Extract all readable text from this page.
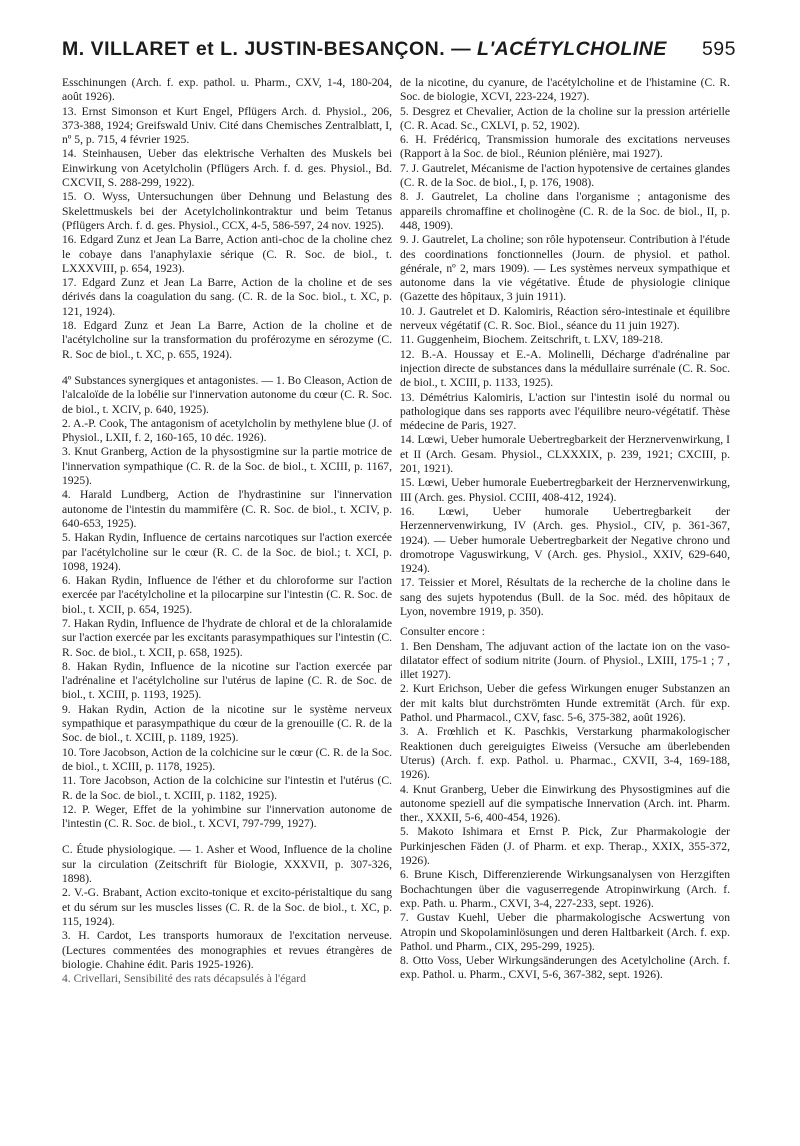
M. VILLARET et L. JUSTIN-BESANÇON. — L'ACÉTYLCHOLINE 595

Esschinungen (Arch. f. exp. pathol. u. Pharm., CXV, 1-4, 180-204, août 1926).

13. Ernst Simonson et Kurt Engel, Pflügers Arch. d. Physiol., 206, 373-388, 1924; Greifswald Univ. Cité dans Chemisches Zentralblatt, I, nº 5, p. 715, 4 février 1925.

14. Steinhausen, Ueber das elektrische Verhalten des Muskels bei Einwirkung von Acetylcholin (Pflügers Arch. f. d. ges. Physiol., Bd. CXCVII, S. 288-299, 1922).

15. O. Wyss, Untersuchungen über Dehnung und Belastung des Skelettmuskels bei der Acetylcholinkontraktur und beim Tetanus (Pflügers Arch. f. d. ges. Physiol., CCX, 4-5, 586-597, 24 nov. 1925).

16. Edgard Zunz et Jean La Barre, Action anti-choc de la choline chez le cobaye dans l'anaphylaxie sérique (C. R. Soc. de biol., t. LXXXVIII, p. 654, 1923).

17. Edgard Zunz et Jean La Barre, Action de la choline et de ses dérivés dans la coagulation du sang. (C. R. de la Soc. biol., t. XC, p. 121, 1924).

18. Edgard Zunz et Jean La Barre, Action de la choline et de l'acétylcholine sur la transformation du proférozyme en sérozyme (C. R. Soc de biol., t. XC, p. 655, 1924).

4º Substances synergiques et antagonistes. — 1. Bo Cleason, Action de l'alcaloïde de la lobélie sur l'innervation autonome du cœur (C. R. Soc. de biol., t. XCIV, p. 640, 1925).

2. A.-P. Cook, The antagonism of acetylcholin by methylene blue (J. of Physiol., LXII, f. 2, 160-165, 10 déc. 1926).

3. Knut Granberg, Action de la physostigmine sur la partie motrice de l'innervation sympathique (C. R. de la Soc. de biol., t. XCIII, p. 1167, 1925).

4. Harald Lundberg, Action de l'hydrastinine sur l'innervation autonome de l'intestin du mammifère (C. R. Soc. de biol., t. XCIV, p. 640-653, 1925).

5. Hakan Rydin, Influence de certains narcotiques sur l'action exercée par l'acétylcholine sur le cœur (R. C. de la Soc. de biol.; t. XCI, p. 1098, 1924).

6. Hakan Rydin, Influence de l'éther et du chloroforme sur l'action exercée par l'acétylcholine et la pilocarpine sur l'intestin (C. R. Soc. de biol., t. XCII, p. 654, 1925).

7. Hakan Rydin, Influence de l'hydrate de chloral et de la chloralamide sur l'action exercée par les excitants parasympathiques sur l'intestin (C. R. Soc. de biol., t. XCII, p. 658, 1925).

8. Hakan Rydin, Influence de la nicotine sur l'action exercée par l'adrénaline et l'acétylcholine sur l'utérus de lapine (C. R. de Soc. de biol., t. XCIII, p. 1193, 1925).

9. Hakan Rydin, Action de la nicotine sur le système nerveux sympathique et parasympathique du cœur de la grenouille (C. R. de la Soc. de biol., t. XCIII, p. 1189, 1925).

10. Tore Jacobson, Action de la colchicine sur le cœur (C. R. de la Soc. de biol., t. XCIII, p. 1178, 1925).

11. Tore Jacobson, Action de la colchicine sur l'intestin et l'utérus (C. R. de la Soc. de biol., t. XCIII, p. 1182, 1925).

12. P. Weger, Effet de la yohimbine sur l'innervation autonome de l'intestin (C. R. Soc. de biol., t. XCVI, 797-799, 1927).

C. Étude physiologique. — 1. Asher et Wood, Influence de la choline sur la circulation (Zeitschrift für Biologie, XXXVII, p. 307-326, 1898).

2. V.-G. Brabant, Action excito-tonique et excito-péristaltique du sang et du sérum sur les muscles lisses (C. R. de la Soc. de biol., t. XC, p. 115, 1924).

3. H. Cardot, Les transports humoraux de l'excitation nerveuse. (Lectures commentées des monographies et revues étrangères de biologie. Chahine édit. Paris 1925-1926).

4. Crivellari, Sensibilité des rats décapsulés à l'égard

de la nicotine, du cyanure, de l'acétylcholine et de l'histamine (C. R. Soc. de biologie, XCVI, 223-224, 1927).

5. Desgrez et Chevalier, Action de la choline sur la pression artérielle (C. R. Acad. Sc., CXLVI, p. 52, 1902).

6. H. Frédéricq, Transmission humorale des excitations nerveuses (Rapport à la Soc. de biol., Réunion plénière, mai 1927).

7. J. Gautrelet, Mécanisme de l'action hypotensive de certaines glandes (C. R. de la Soc. de biol., I, p. 176, 1908).

8. J. Gautrelet, La choline dans l'organisme ; antagonisme des appareils chromaffine et cholinogène (C. R. de la Soc. de biol., II, p. 448, 1909).

9. J. Gautrelet, La choline; son rôle hypotenseur. Contribution à l'étude des coordinations fonctionnelles (Journ. de physiol. et pathol. générale, nº 2, mars 1909). — Les systèmes nerveux sympathique et autonome dans la vie végétative. Étude de physiologie clinique (Gazette des hôpitaux, 3 juin 1911).

10. J. Gautrelet et D. Kalomiris, Réaction séro-intestinale et équilibre nerveux végétatif (C. R. Soc. Biol., séance du 11 juin 1927).

11. Guggenheim, Biochem. Zeitschrift, t. LXV, 189-218.

12. B.-A. Houssay et E.-A. Molinelli, Décharge d'adrénaline par injection directe de substances dans la médullaire surrénale (C. R. Soc. de biol., t. XCIII, p. 1133, 1925).

13. Démétrius Kalomiris, L'action sur l'intestin isolé du normal ou pathologique dans ses rapports avec l'équilibre neuro-végétatif. Thèse médecine de Paris, 1927.

14. Lœwi, Ueber humorale Uebertregbarkeit der Herznervenwirkung, I et II (Arch. Gesam. Physiol., CLXXXIX, p. 239, 1921; CXCIII, p. 201, 1921).

15. Lœwi, Ueber humorale Euebertregbarkeit der Herznervenwirkung, III (Arch. ges. Physiol. CCIII, 408-412, 1924).

16. Lœwi, Ueber humorale Uebertregbarkeit der Herzennervenwirkung, IV (Arch. ges. Physiol., CIV, p. 361-367, 1924). — Ueber humorale Uebertregbarkeit der Negative chrono und dromotrope Vaguswirkung, V (Arch. ges. Physiol., XXIV, 629-640, 1924).

17. Teissier et Morel, Résultats de la recherche de la choline dans le sang des sujets hypotendus (Bull. de la Soc. méd. des hôpitaux de Lyon, novembre 1919, p. 350).

Consulter encore :

1. Ben Densham, The adjuvant action of the lactate ion on the vaso-dilatator effect of sodium nitrite (Journ. of Physiol., LXIII, 175-1 ; 7 , illet 1927).

2. Kurt Erichson, Ueber die gefess Wirkungen enuger Substanzen an der mit kalts blut durchströmten Hunde extremität (Arch. für exp. Pathol. und Pharmacol., CXV, fasc. 5-6, 375-382, août 1926).

3. A. Frœhlich et K. Paschkis, Verstarkung pharmakologischer Reaktionen duch gereiguigtes Eiweiss (Versuche am überlebenden Uterus) (Arch. f. exp. Pathol. u. Pharmac., CXVII, 3-4, 169-188, 1926).

4. Knut Granberg, Ueber die Einwirkung des Physostigmines auf die autonome speziell auf die sympatische Innervation (Arch. int. Pharm. ther., XXXII, 5-6, 400-454, 1926).

5. Makoto Ishimara et Ernst P. Pick, Zur Pharmakologie der Purkinjeschen Fäden (J. of Pharm. et exp. Therap., XXIX, 355-372, 1926).

6. Brune Kisch, Differenzierende Wirkungsanalysen von Herzgiften Bochachtungen über die vaguserregende Atropinwirkung (Arch. f. exp. Path. u. Pharm., CXVI, 3-4, 227-233, sept. 1926).

7. Gustav Kuehl, Ueber die pharmakologische Acswertung von Atropin und Skopolaminlösungen und deren Haltbarkeit (Arch. f. exp. Pathol. und Pharm., CIX, 295-299, 1925).

8. Otto Voss, Ueber Wirkungsänderungen des Acetylcholine (Arch. f. exp. Pathol. u. Pharm., CXVI, 5-6, 367-382, sept. 1926).
